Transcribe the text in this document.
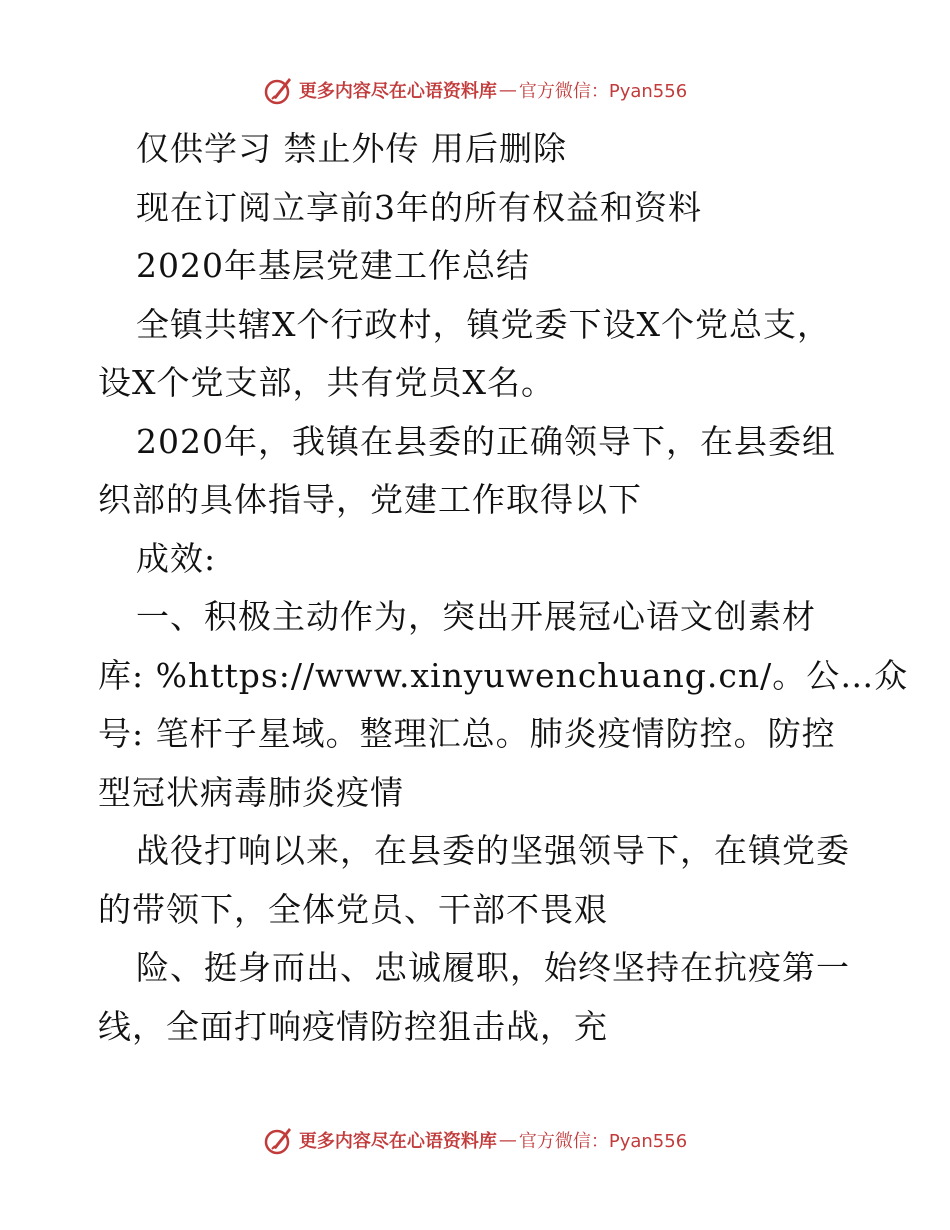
更多内容尽在心语资料库 — 官方微信：Pyan556
仅供学习 禁止外传 用后删除
现在订阅立享前3年的所有权益和资料
2020年基层党建工作总结
全镇共辖X个行政村，镇党委下设X个党总支，
设X个党支部，共有党员X名。
2020年，我镇在县委的正确领导下，在县委组
织部的具体指导，党建工作取得以下
成效:
一、积极主动作为，突出开展冠心语文创素材
库: %https://www.xinyuwenchuang.cn/。公…众
号: 笔杆子星域。整理汇总。肺炎疫情防控。防控
型冠状病毒肺炎疫情
战役打响以来，在县委的坚强领导下，在镇党委
的带领下，全体党员、干部不畏艰
险、挺身而出、忠诚履职，始终坚持在抗疫第一
线，全面打响疫情防控狙击战，充
更多内容尽在心语资料库 — 官方微信：Pyan556
